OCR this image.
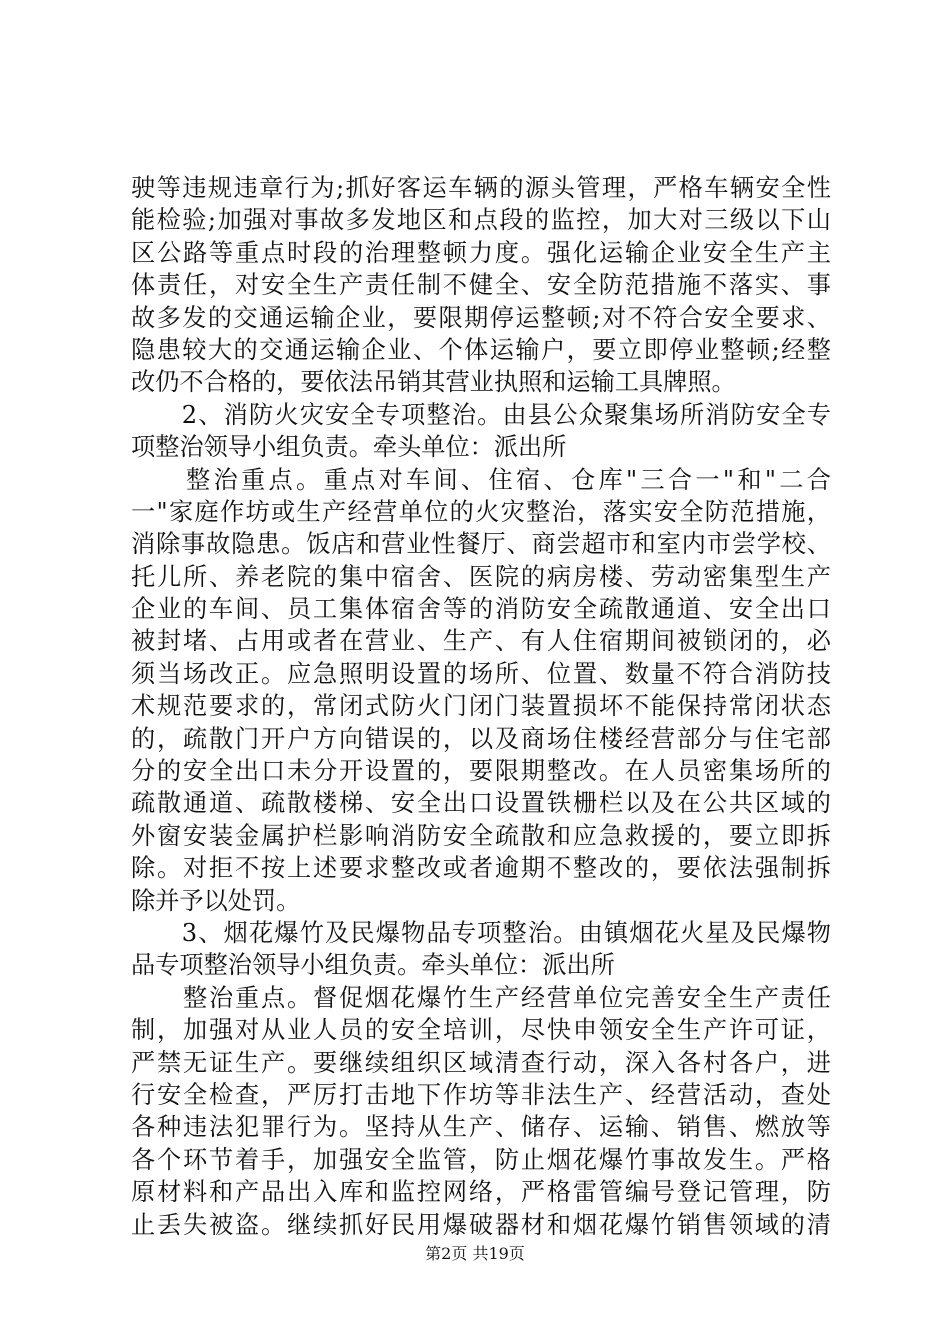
驶等违规违章行为;抓好客运车辆的源头管理，严格车辆安全性
能检验;加强对事故多发地区和点段的监控，加大对三级以下山
区公路等重点时段的治理整顿力度。强化运输企业安全生产主
体责任，对安全生产责任制不健全、安全防范措施不落实、事
故多发的交通运输企业，要限期停运整顿;对不符合安全要求、
隐患较大的交通运输企业、个体运输户，要立即停业整顿;经整
改仍不合格的，要依法吊销其营业执照和运输工具牌照。
　　2、消防火灾安全专项整治。由县公众聚集场所消防安全专
项整治领导小组负责。牵头单位：派出所
　　整治重点。重点对车间、住宿、仓库"三合一"和"二合
一"家庭作坊或生产经营单位的火灾整治，落实安全防范措施，
消除事故隐患。饭店和营业性餐厅、商尝超市和室内市尝学校、
托儿所、养老院的集中宿舍、医院的病房楼、劳动密集型生产
企业的车间、员工集体宿舍等的消防安全疏散通道、安全出口
被封堵、占用或者在营业、生产、有人住宿期间被锁闭的，必
须当场改正。应急照明设置的场所、位置、数量不符合消防技
术规范要求的，常闭式防火门闭门装置损坏不能保持常闭状态
的，疏散门开户方向错误的，以及商场住楼经营部分与住宅部
分的安全出口未分开设置的，要限期整改。在人员密集场所的
疏散通道、疏散楼梯、安全出口设置铁栅栏以及在公共区域的
外窗安装金属护栏影响消防安全疏散和应急救援的，要立即拆
除。对拒不按上述要求整改或者逾期不整改的，要依法强制拆
除并予以处罚。
　　3、烟花爆竹及民爆物品专项整治。由镇烟花火星及民爆物
品专项整治领导小组负责。牵头单位：派出所
　　整治重点。督促烟花爆竹生产经营单位完善安全生产责任
制，加强对从业人员的安全培训，尽快申领安全生产许可证，
严禁无证生产。要继续组织区域清查行动，深入各村各户，进
行安全检查，严厉打击地下作坊等非法生产、经营活动，查处
各种违法犯罪行为。坚持从生产、储存、运输、销售、燃放等
各个环节着手，加强安全监管，防止烟花爆竹事故发生。严格
原材料和产品出入库和监控网络，严格雷管编号登记管理，防
止丢失被盗。继续抓好民用爆破器材和烟花爆竹销售领域的清
第2页 共19页
